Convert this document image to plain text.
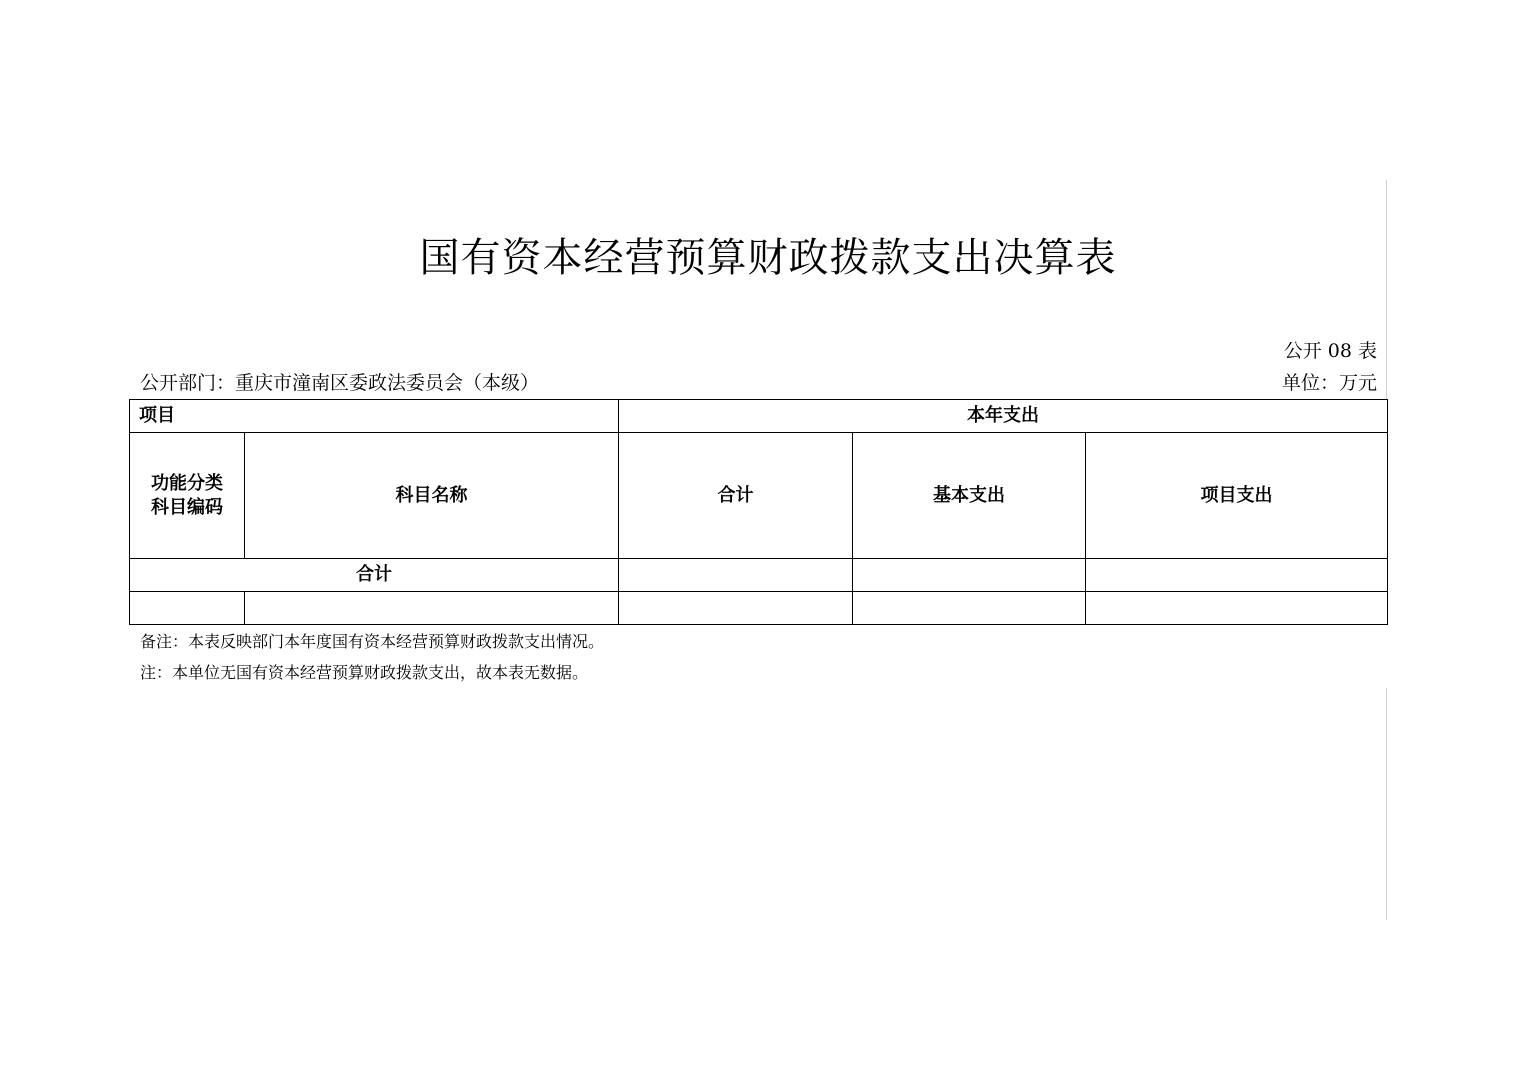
国有资本经营预算财政拨款支出决算表
公开 08 表
公开部门：重庆市潼南区委政法委员会（本级）	单位：万元
项目		本年支出		

功能分类
科目编码	科目名称	合计	基本支出	项目支出
合计				

备注：本表反映部门本年度国有资本经营预算财政拨款支出情况。
注：本单位无国有资本经营预算财政拨款支出，故本表无数据。
